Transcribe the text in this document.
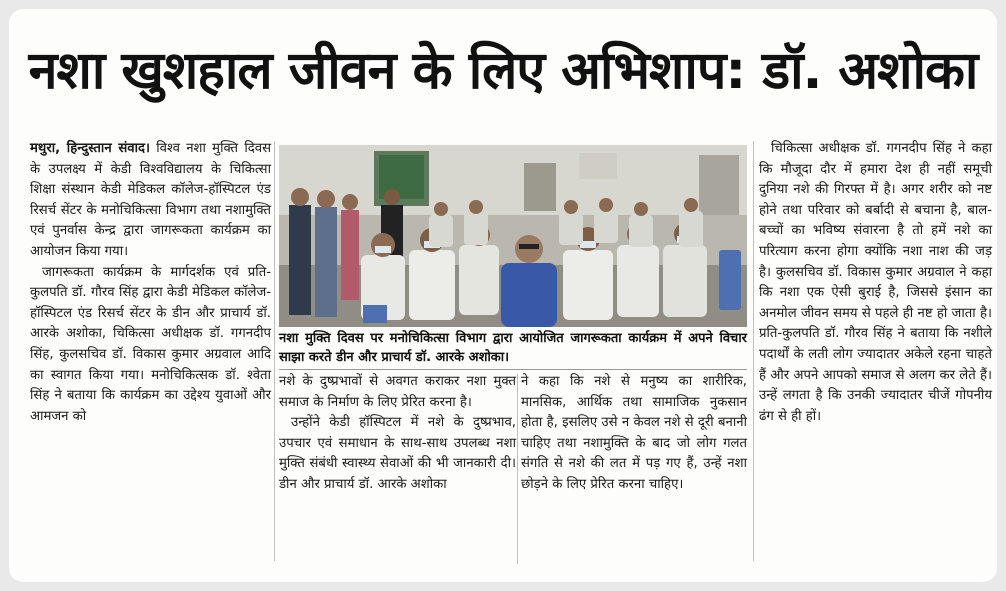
नशा खुशहाल जीवन के लिए अभिशाप: डॉ. अशोका

मथुरा, हिन्दुस्तान संवाद। विश्व नशा मुक्ति दिवस के उपलक्ष्य में केडी विश्वविद्यालय के चिकित्सा शिक्षा संस्थान केडी मेडिकल कॉलेज-हॉस्पिटल एंड रिसर्च सेंटर के मनोचिकित्सा विभाग तथा नशामुक्ति एवं पुनर्वास केन्द्र द्वारा जागरूकता कार्यक्रम का आयोजन किया गया।

जागरूकता कार्यक्रम के मार्गदर्शक एवं प्रति-कुलपति डॉ. गौरव सिंह द्वारा केडी मेडिकल कॉलेज-हॉस्पिटल एंड रिसर्च सेंटर के डीन और प्राचार्य डॉ. आरके अशोका, चिकित्सा अधीक्षक डॉ. गगनदीप सिंह, कुलसचिव डॉ. विकास कुमार अग्रवाल आदि का स्वागत किया गया। मनोचिकित्सक डॉ. श्वेता सिंह ने बताया कि कार्यक्रम का उद्देश्य युवाओं और आमजन को

नशा मुक्ति दिवस पर मनोचिकित्सा विभाग द्वारा आयोजित जागरूकता कार्यक्रम में अपने विचार साझा करते डीन और प्राचार्य डॉ. आरके अशोका।

नशे के दुष्प्रभावों से अवगत कराकर नशा मुक्त समाज के निर्माण के लिए प्रेरित करना है।

उन्होंने केडी हॉस्पिटल में नशे के दुष्प्रभाव, उपचार एवं समाधान के साथ-साथ उपलब्ध नशा मुक्ति संबंधी स्वास्थ्य सेवाओं की भी जानकारी दी। डीन और प्राचार्य डॉ. आरके अशोका

ने कहा कि नशे से मनुष्य का शारीरिक, मानसिक, आर्थिक तथा सामाजिक नुकसान होता है, इसलिए उसे न केवल नशे से दूरी बनानी चाहिए तथा नशामुक्ति के बाद जो लोग गलत संगति से नशे की लत में पड़ गए हैं, उन्हें नशा छोड़ने के लिए प्रेरित करना चाहिए।

चिकित्सा अधीक्षक डॉ. गगनदीप सिंह ने कहा कि मौजूदा दौर में हमारा देश ही नहीं समूची दुनिया नशे की गिरफ्त में है। अगर शरीर को नष्ट होने तथा परिवार को बर्बादी से बचाना है, बाल-बच्चों का भविष्य संवारना है तो हमें नशे का परित्याग करना होगा क्योंकि नशा नाश की जड़ है। कुलसचिव डॉ. विकास कुमार अग्रवाल ने कहा कि नशा एक ऐसी बुराई है, जिससे इंसान का अनमोल जीवन समय से पहले ही नष्ट हो जाता है। प्रति-कुलपति डॉ. गौरव सिंह ने बताया कि नशीले पदार्थों के लती लोग ज्यादातर अकेले रहना चाहते हैं और अपने आपको समाज से अलग कर लेते हैं। उन्हें लगता है कि उनकी ज्यादातर चीजें गोपनीय ढंग से ही हों।
